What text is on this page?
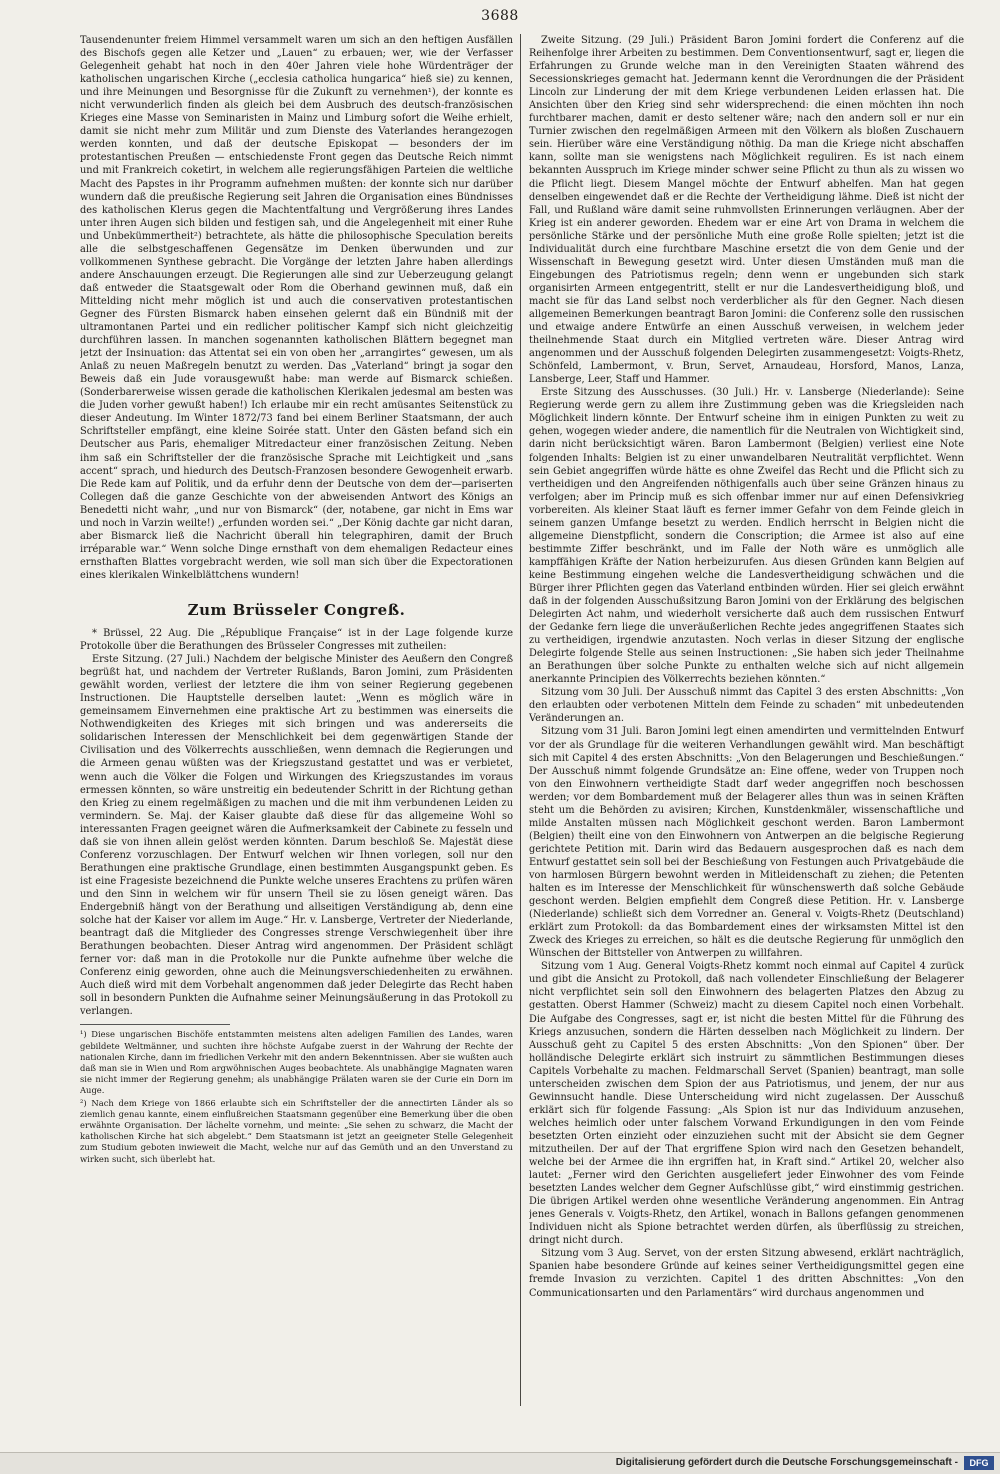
3688

Tausendenunter freiem Himmel versammelt waren um sich an den heftigen Ausfällen des Bischofs gegen alle Ketzer und „Lauen“ zu erbauen; wer, wie der Verfasser Gelegenheit gehabt hat noch in den 40er Jahren viele hohe Würdenträger der katholischen ungarischen Kirche („ecclesia catholica hungarica“ hieß sie) zu kennen, und ihre Meinungen und Besorgnisse für die Zukunft zu vernehmen¹), der konnte es nicht verwunderlich finden als gleich bei dem Ausbruch des deutsch-französischen Krieges eine Masse von Seminaristen in Mainz und Limburg sofort die Weihe erhielt, damit sie nicht mehr zum Militär und zum Dienste des Vaterlandes herangezogen werden konnten, und daß der deutsche Episkopat — besonders der im protestantischen Preußen — entschiedenste Front gegen das Deutsche Reich nimmt und mit Frankreich coketirt, in welchem alle regierungsfähigen Parteien die weltliche Macht des Papstes in ihr Programm aufnehmen mußten: der konnte sich nur darüber wundern daß die preußische Regierung seit Jahren die Organisation eines Bündnisses des katholischen Klerus gegen die Machtentfaltung und Vergrößerung ihres Landes unter ihren Augen sich bilden und festigen sah, und die Angelegenheit mit einer Ruhe und Unbekümmertheit²) betrachtete, als hätte die philosophische Speculation bereits alle die selbstgeschaffenen Gegensätze im Denken überwunden und zur vollkommenen Synthese gebracht. Die Vorgänge der letzten Jahre haben allerdings andere Anschauungen erzeugt. Die Regierungen alle sind zur Ueberzeugung gelangt daß entweder die Staatsgewalt oder Rom die Oberhand gewinnen muß, daß ein Mittelding nicht mehr möglich ist und auch die conservativen protestantischen Gegner des Fürsten Bismarck haben einsehen gelernt daß ein Bündniß mit der ultramontanen Partei und ein redlicher politischer Kampf sich nicht gleichzeitig durchführen lassen. In manchen sogenannten katholischen Blättern begegnet man jetzt der Insinuation: das Attentat sei ein von oben her „arrangirtes“ gewesen, um als Anlaß zu neuen Maßregeln benutzt zu werden. Das „Vaterland“ bringt ja sogar den Beweis daß ein Jude vorausgewußt habe: man werde auf Bismarck schießen. (Sonderbarerweise wissen gerade die katholischen Klerikalen jedesmal am besten was die Juden vorher gewußt haben!) Ich erlaube mir ein recht amüsantes Seitenstück zu dieser Andeutung. Im Winter 1872/73 fand bei einem Berliner Staatsmann, der auch Schriftsteller empfängt, eine kleine Soirée statt. Unter den Gästen befand sich ein Deutscher aus Paris, ehemaliger Mitredacteur einer französischen Zeitung. Neben ihm saß ein Schriftsteller der die französische Sprache mit Leichtigkeit und „sans accent“ sprach, und hiedurch des Deutsch-Franzosen besondere Gewogenheit erwarb. Die Rede kam auf Politik, und da erfuhr denn der Deutsche von dem der—pariserten Collegen daß die ganze Geschichte von der abweisenden Antwort des Königs an Benedetti nicht wahr, „und nur von Bismarck“ (der, notabene, gar nicht in Ems war und noch in Varzin weilte!) „erfunden worden sei.“ „Der König dachte gar nicht daran, aber Bismarck ließ die Nachricht überall hin telegraphiren, damit der Bruch irréparable war.“ Wenn solche Dinge ernsthaft von dem ehemaligen Redacteur eines ernsthaften Blattes vorgebracht werden, wie soll man sich über die Expectorationen eines klerikalen Winkelblättchens wundern!

Zum Brüsseler Congreß.

* Brüssel, 22 Aug. Die „République Française“ ist in der Lage folgende kurze Protokolle über die Berathungen des Brüsseler Congresses mit zutheilen:

Erste Sitzung. (27 Juli.) Nachdem der belgische Minister des Aeußern den Congreß begrüßt hat, und nachdem der Vertreter Rußlands, Baron Jomini, zum Präsidenten gewählt worden, verliest der letztere die ihm von seiner Regierung gegebenen Instructionen. Die Hauptstelle derselben lautet: „Wenn es möglich wäre in gemeinsamem Einvernehmen eine praktische Art zu bestimmen was einerseits die Nothwendigkeiten des Krieges mit sich bringen und was andererseits die solidarischen Interessen der Menschlichkeit bei dem gegenwärtigen Stande der Civilisation und des Völkerrechts ausschließen, wenn demnach die Regierungen und die Armeen genau wüßten was der Kriegszustand gestattet und was er verbietet, wenn auch die Völker die Folgen und Wirkungen des Kriegszustandes im voraus ermessen könnten, so wäre unstreitig ein bedeutender Schritt in der Richtung gethan den Krieg zu einem regelmäßigen zu machen und die mit ihm verbundenen Leiden zu vermindern. Se. Maj. der Kaiser glaubte daß diese für das allgemeine Wohl so interessanten Fragen geeignet wären die Aufmerksamkeit der Cabinete zu fesseln und daß sie von ihnen allein gelöst werden könnten. Darum beschloß Se. Majestät diese Conferenz vorzuschlagen. Der Entwurf welchen wir Ihnen vorlegen, soll nur den Berathungen eine praktische Grundlage, einen bestimmten Ausgangspunkt geben. Es ist eine Fragesiste bezeichnend die Punkte welche unseres Erachtens zu prüfen wären und den Sinn in welchem wir für unsern Theil sie zu lösen geneigt wären. Das Endergebniß hängt von der Berathung und allseitigen Verständigung ab, denn eine solche hat der Kaiser vor allem im Auge.“ Hr. v. Lansberge, Vertreter der Niederlande, beantragt daß die Mitglieder des Congresses strenge Verschwiegenheit über ihre Berathungen beobachten. Dieser Antrag wird angenommen. Der Präsident schlägt ferner vor: daß man in die Protokolle nur die Punkte aufnehme über welche die Conferenz einig geworden, ohne auch die Meinungsverschiedenheiten zu erwähnen. Auch dieß wird mit dem Vorbehalt angenommen daß jeder Delegirte das Recht haben soll in besondern Punkten die Aufnahme seiner Meinungsäußerung in das Protokoll zu verlangen.

¹) Diese ungarischen Bischöfe entstammten meistens alten adeligen Familien des Landes, waren gebildete Weltmänner, und suchten ihre höchste Aufgabe zuerst in der Wahrung der Rechte der nationalen Kirche, dann im friedlichen Verkehr mit den andern Bekenntnissen. Aber sie wußten auch daß man sie in Wien und Rom argwöhnischen Auges beobachtete. Als unabhängige Magnaten waren sie nicht immer der Regierung genehm; als unabhängige Prälaten waren sie der Curie ein Dorn im Auge.

²) Nach dem Kriege von 1866 erlaubte sich ein Schriftsteller der die annectirten Länder als so ziemlich genau kannte, einem einflußreichen Staatsmann gegenüber eine Bemerkung über die oben erwähnte Organisation. Der lächelte vornehm, und meinte: „Sie sehen zu schwarz, die Macht der katholischen Kirche hat sich abgelebt.“ Dem Staatsmann ist jetzt an geeigneter Stelle Gelegenheit zum Studium geboten inwieweit die Macht, welche nur auf das Gemüth und an den Unverstand zu wirken sucht, sich überlebt hat.

Zweite Sitzung. (29 Juli.) Präsident Baron Jomini fordert die Conferenz auf die Reihenfolge ihrer Arbeiten zu bestimmen. Dem Conventionsentwurf, sagt er, liegen die Erfahrungen zu Grunde welche man in den Vereinigten Staaten während des Secessionskrieges gemacht hat. Jedermann kennt die Verordnungen die der Präsident Lincoln zur Linderung der mit dem Kriege verbundenen Leiden erlassen hat. Die Ansichten über den Krieg sind sehr widersprechend: die einen möchten ihn noch furchtbarer machen, damit er desto seltener wäre; nach den andern soll er nur ein Turnier zwischen den regelmäßigen Armeen mit den Völkern als bloßen Zuschauern sein. Hierüber wäre eine Verständigung nöthig. Da man die Kriege nicht abschaffen kann, sollte man sie wenigstens nach Möglichkeit reguliren. Es ist nach einem bekannten Ausspruch im Kriege minder schwer seine Pflicht zu thun als zu wissen wo die Pflicht liegt. Diesem Mangel möchte der Entwurf abhelfen. Man hat gegen denselben eingewendet daß er die Rechte der Vertheidigung lähme. Dieß ist nicht der Fall, und Rußland wäre damit seine ruhmvollsten Erinnerungen verläugnen. Aber der Krieg ist ein anderer geworden. Ehedem war er eine Art von Drama in welchem die persönliche Stärke und der persönliche Muth eine große Rolle spielten; jetzt ist die Individualität durch eine furchtbare Maschine ersetzt die von dem Genie und der Wissenschaft in Bewegung gesetzt wird. Unter diesen Umständen muß man die Eingebungen des Patriotismus regeln; denn wenn er ungebunden sich stark organisirten Armeen entgegentritt, stellt er nur die Landesvertheidigung bloß, und macht sie für das Land selbst noch verderblicher als für den Gegner. Nach diesen allgemeinen Bemerkungen beantragt Baron Jomini: die Conferenz solle den russischen und etwaige andere Entwürfe an einen Ausschuß verweisen, in welchem jeder theilnehmende Staat durch ein Mitglied vertreten wäre. Dieser Antrag wird angenommen und der Ausschuß folgenden Delegirten zusammengesetzt: Voigts-Rhetz, Schönfeld, Lambermont, v. Brun, Servet, Arnaudeau, Horsford, Manos, Lanza, Lansberge, Leer, Staff und Hammer.

Erste Sitzung des Ausschusses. (30 Juli.) Hr. v. Lansberge (Niederlande): Seine Regierung werde gern zu allem ihre Zustimmung geben was die Kriegsleiden nach Möglichkeit lindern könnte. Der Entwurf scheine ihm in einigen Punkten zu weit zu gehen, wogegen wieder andere, die namentlich für die Neutralen von Wichtigkeit sind, darin nicht berücksichtigt wären. Baron Lambermont (Belgien) verliest eine Note folgenden Inhalts: Belgien ist zu einer unwandelbaren Neutralität verpflichtet. Wenn sein Gebiet angegriffen würde hätte es ohne Zweifel das Recht und die Pflicht sich zu vertheidigen und den Angreifenden nöthigenfalls auch über seine Gränzen hinaus zu verfolgen; aber im Princip muß es sich offenbar immer nur auf einen Defensivkrieg vorbereiten. Als kleiner Staat läuft es ferner immer Gefahr von dem Feinde gleich in seinem ganzen Umfange besetzt zu werden. Endlich herrscht in Belgien nicht die allgemeine Dienstpflicht, sondern die Conscription; die Armee ist also auf eine bestimmte Ziffer beschränkt, und im Falle der Noth wäre es unmöglich alle kampffähigen Kräfte der Nation herbeizurufen. Aus diesen Gründen kann Belgien auf keine Bestimmung eingehen welche die Landesvertheidigung schwächen und die Bürger ihrer Pflichten gegen das Vaterland entbinden würden. Hier sei gleich erwähnt daß in der folgenden Ausschußsitzung Baron Jomini von der Erklärung des belgischen Delegirten Act nahm, und wiederholt versicherte daß auch dem russischen Entwurf der Gedanke fern liege die unveräußerlichen Rechte jedes angegriffenen Staates sich zu vertheidigen, irgendwie anzutasten. Noch verlas in dieser Sitzung der englische Delegirte folgende Stelle aus seinen Instructionen: „Sie haben sich jeder Theilnahme an Berathungen über solche Punkte zu enthalten welche sich auf nicht allgemein anerkannte Principien des Völkerrechts beziehen könnten.“

Sitzung vom 30 Juli. Der Ausschuß nimmt das Capitel 3 des ersten Abschnitts: „Von den erlaubten oder verbotenen Mitteln dem Feinde zu schaden“ mit unbedeutenden Veränderungen an.

Sitzung vom 31 Juli. Baron Jomini legt einen amendirten und vermittelnden Entwurf vor der als Grundlage für die weiteren Verhandlungen gewählt wird. Man beschäftigt sich mit Capitel 4 des ersten Abschnitts: „Von den Belagerungen und Beschießungen.“ Der Ausschuß nimmt folgende Grundsätze an: Eine offene, weder von Truppen noch von den Einwohnern vertheidigte Stadt darf weder angegriffen noch beschossen werden; vor dem Bombardement muß der Belagerer alles thun was in seinen Kräften steht um die Behörden zu avisiren; Kirchen, Kunstdenkmäler, wissenschaftliche und milde Anstalten müssen nach Möglichkeit geschont werden. Baron Lambermont (Belgien) theilt eine von den Einwohnern von Antwerpen an die belgische Regierung gerichtete Petition mit. Darin wird das Bedauern ausgesprochen daß es nach dem Entwurf gestattet sein soll bei der Beschießung von Festungen auch Privatgebäude die von harmlosen Bürgern bewohnt werden in Mitleidenschaft zu ziehen; die Petenten halten es im Interesse der Menschlichkeit für wünschenswerth daß solche Gebäude geschont werden. Belgien empfiehlt dem Congreß diese Petition. Hr. v. Lansberge (Niederlande) schließt sich dem Vorredner an. General v. Voigts-Rhetz (Deutschland) erklärt zum Protokoll: da das Bombardement eines der wirksamsten Mittel ist den Zweck des Krieges zu erreichen, so hält es die deutsche Regierung für unmöglich den Wünschen der Bittsteller von Antwerpen zu willfahren.

Sitzung vom 1 Aug. General Voigts-Rhetz kommt noch einmal auf Capitel 4 zurück und gibt die Ansicht zu Protokoll, daß nach vollendeter Einschließung der Belagerer nicht verpflichtet sein soll den Einwohnern des belagerten Platzes den Abzug zu gestatten. Oberst Hammer (Schweiz) macht zu diesem Capitel noch einen Vorbehalt. Die Aufgabe des Congresses, sagt er, ist nicht die besten Mittel für die Führung des Kriegs anzusuchen, sondern die Härten desselben nach Möglichkeit zu lindern. Der Ausschuß geht zu Capitel 5 des ersten Abschnitts: „Von den Spionen“ über. Der holländische Delegirte erklärt sich instruirt zu sämmtlichen Bestimmungen dieses Capitels Vorbehalte zu machen. Feldmarschall Servet (Spanien) beantragt, man solle unterscheiden zwischen dem Spion der aus Patriotismus, und jenem, der nur aus Gewinnsucht handle. Diese Unterscheidung wird nicht zugelassen. Der Ausschuß erklärt sich für folgende Fassung: „Als Spion ist nur das Individuum anzusehen, welches heimlich oder unter falschem Vorwand Erkundigungen in den vom Feinde besetzten Orten einzieht oder einzuziehen sucht mit der Absicht sie dem Gegner mitzutheilen. Der auf der That ergriffene Spion wird nach den Gesetzen behandelt, welche bei der Armee die ihn ergriffen hat, in Kraft sind.“ Artikel 20, welcher also lautet: „Ferner wird den Gerichten ausgeliefert jeder Einwohner des vom Feinde besetzten Landes welcher dem Gegner Aufschlüsse gibt,“ wird einstimmig gestrichen. Die übrigen Artikel werden ohne wesentliche Veränderung angenommen. Ein Antrag jenes Generals v. Voigts-Rhetz, den Artikel, wonach in Ballons gefangen genommenen Individuen nicht als Spione betrachtet werden dürfen, als überflüssig zu streichen, dringt nicht durch.

Sitzung vom 3 Aug. Servet, von der ersten Sitzung abwesend, erklärt nachträglich, Spanien habe besondere Gründe auf keines seiner Vertheidigungsmittel gegen eine fremde Invasion zu verzichten. Capitel 1 des dritten Abschnittes: „Von den Communicationsarten und den Parlamentärs“ wird durchaus angenommen und

Digitalisierung gefördert durch die Deutsche Forschungsgemeinschaft -	DFG
